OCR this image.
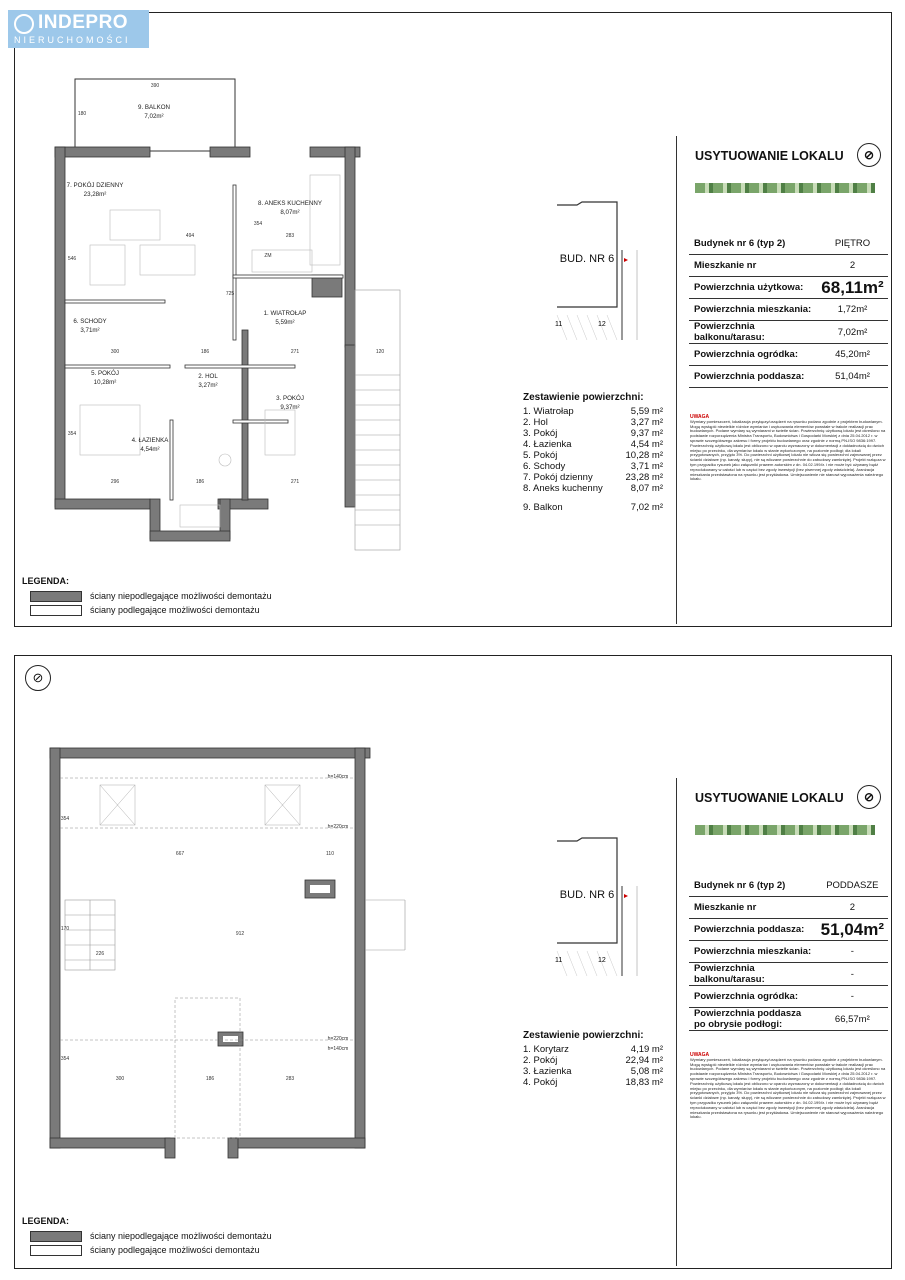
INDEPRO
NIERUCHOMOŚCI
9. BALKON
7,02m²
7. POKÓJ DZIENNY
23,28m²
8. ANEKS KUCHENNY
8,07m²
6. SCHODY
3,71m²
1. WIATROŁAP
5,59m²
5. POKÓJ
10,28m²
2. HOL
3,27m²
3. POKÓJ
9,37m²
4. ŁAZIENKA
4,54m²
390
180
494	283
546
725
354
186	271	120
300
354
296	186	271
ZM	BUD. NR 6
11	12
Zestawienie powierzchni:
1. Wiatrołap	5,59 m²
2. Hol	3,27 m²
3. Pokój	9,37 m²
4. Łazienka	4,54 m²
5. Pokój	10,28 m²
6. Schody	3,71 m²
7. Pokój dzienny	23,28 m²
8. Aneks kuchenny	8,07 m²
9. Balkon	7,02 m²
USYTUOWANIE LOKALU	⊘
Budynek nr 6 (typ 2)	PIĘTRO
Mieszkanie nr	2
Powierzchnia użytkowa:	68,11m²
Powierzchnia mieszkania:	1,72m²
Powierzchnia balkonu/tarasu:	7,02m²
Powierzchnia ogródka:	45,20m²
Powierzchnia poddasza:	51,04m²
UWAGA
Wymiary pomieszczeń, lokalizacja przyłączy/urządzeń na rysunku podano zgodnie z projektem budowlanym. Mogą wystąpić niewielkie różnice wymiarów i usytuowania elementów powstałe w trakcie realizacji prac budowlanych. Podane wymiary są wymiarami w świetle ścian. Powierzchnię użytkową lokalu jest określono na podstawie rozporządzenia Ministra Transportu, Budownictwa i Gospodarki Morskiej z dnia 25.04.2012 r. w sprawie szczegółowego zakresu i formy projektu budowlanego oraz zgodnie z normą PN-ISO 9836:1997. Powierzchnię użytkową lokalu jest obliczono w oparciu wyznaczony w dokumentacji z dokładnością do dwóch miejsc po przecinku, dla wymiarów lokalu w stanie wykończonym, na poziomie podłogi; dla lokali przygotowanych, przyjęto 3%. Do powierzchni użytkowej lokalu nie wlicza się powierzchni zajmowanej przez ścianki działowe (np. kanały, słupy), nie są wliczane powierzchnie do zabudowy zamkniętej. Projekt rozłącza w tym przypadku rysunek jako załączniki prawem autorskim z dn. 04.02.1994r. i nie może być używany bądź reprodukowany w całości lub w części bez zgody inwestycji (bez pisemnej zgody właściciela). Aranżacja mieszkania przedstawiona na rysunku jest przykładowa. Umiejscowienie nie stanowi wyposażenia należnego lokalu.
LEGENDA:
ściany niepodlegające możliwości demontażu
ściany podlegające możliwości demontażu
⊘
667	110
354
170
226
912
354
300	186	283
h=140cm
h=220cm
h=220cm
h=140cm
BUD. NR 6
11	12
Zestawienie powierzchni:
1. Korytarz	4,19 m²
2. Pokój	22,94 m²
3. Łazienka	5,08 m²
4. Pokój	18,83 m²
USYTUOWANIE LOKALU	⊘
Budynek nr 6 (typ 2)	PODDASZE
Mieszkanie nr	2
Powierzchnia poddasza:	51,04m²
Powierzchnia mieszkania:	-
Powierzchnia balkonu/tarasu:	-
Powierzchnia ogródka:	-
Powierzchnia poddasza po obrysie podłogi:	66,57m²
UWAGA
Wymiary pomieszczeń, lokalizacja przyłączy/urządzeń na rysunku podano zgodnie z projektem budowlanym. Mogą wystąpić niewielkie różnice wymiarów i usytuowania elementów powstałe w trakcie realizacji prac budowlanych. Podane wymiary są wymiarami w świetle ścian. Powierzchnię użytkową lokalu jest określono na podstawie rozporządzenia Ministra Transportu, Budownictwa i Gospodarki Morskiej z dnia 25.04.2012 r. w sprawie szczegółowego zakresu i formy projektu budowlanego oraz zgodnie z normą PN-ISO 9836:1997. Powierzchnię użytkową lokalu jest obliczono w oparciu wyznaczony w dokumentacji z dokładnością do dwóch miejsc po przecinku, dla wymiarów lokalu w stanie wykończonym, na poziomie podłogi; dla lokali przygotowanych, przyjęto 3%. Do powierzchni użytkowej lokalu nie wlicza się powierzchni zajmowanej przez ścianki działowe (np. kanały, słupy), nie są wliczane powierzchnie do zabudowy zamkniętej. Projekt rozłącza w tym przypadku rysunek jako załączniki prawem autorskim z dn. 04.02.1994r. i nie może być używany bądź reprodukowany w całości lub w części bez zgody inwestycji (bez pisemnej zgody właściciela). Aranżacja mieszkania przedstawiona na rysunku jest przykładowa. Umiejscowienie nie stanowi wyposażenia należnego lokalu.
LEGENDA:
ściany niepodlegające możliwości demontażu
ściany podlegające możliwości demontażu
